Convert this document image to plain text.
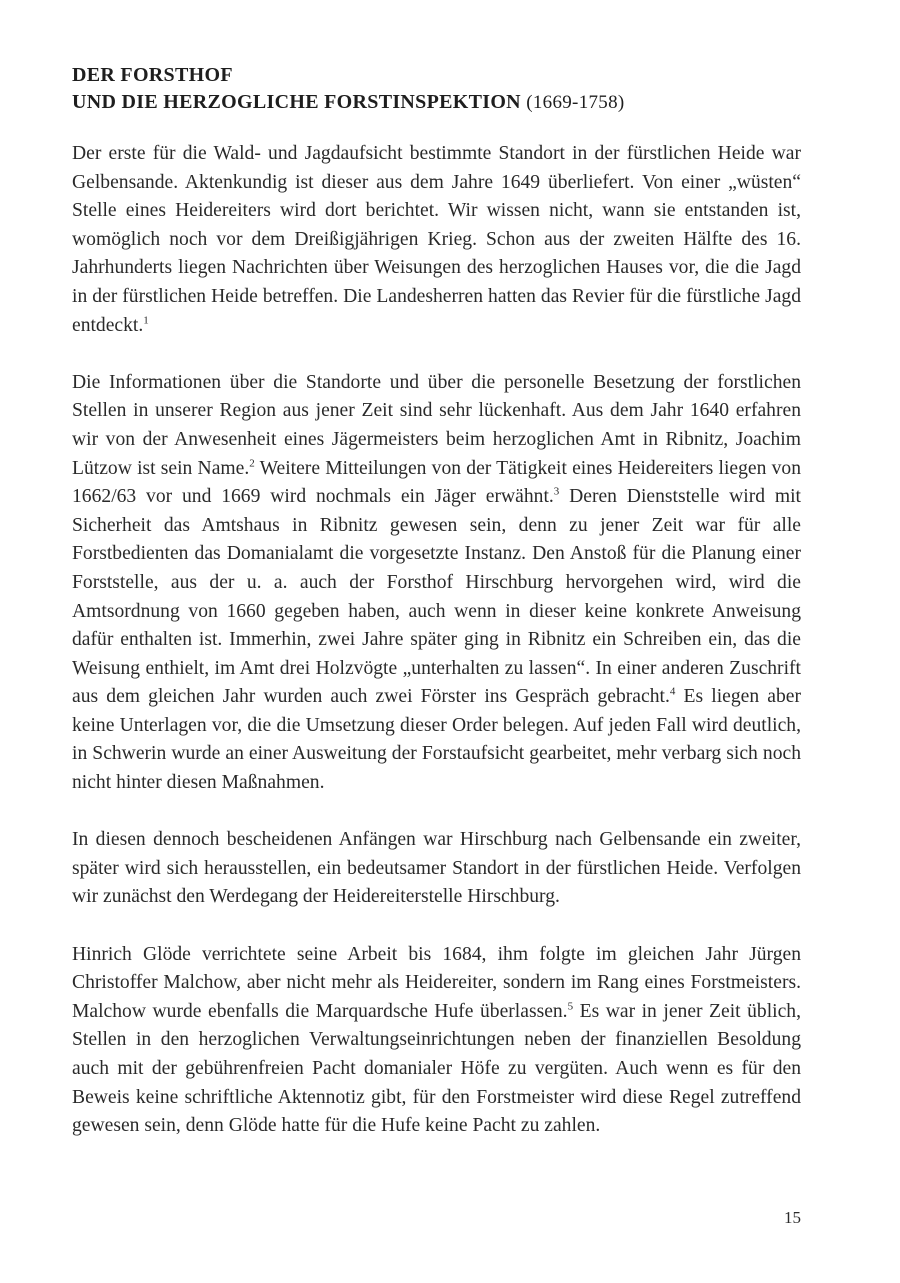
DER FORSTHOF
UND DIE HERZOGLICHE FORSTINSPEKTION (1669-1758)

Der erste für die Wald- und Jagdaufsicht bestimmte Standort in der fürstlichen Heide war Gelbensande. Aktenkundig ist dieser aus dem Jahre 1649 überliefert. Von einer „wüsten“ Stelle eines Heidereiters wird dort berichtet. Wir wissen nicht, wann sie entstanden ist, womöglich noch vor dem Dreißigjährigen Krieg. Schon aus der zweiten Hälfte des 16. Jahrhunderts liegen Nachrichten über Weisungen des herzoglichen Hauses vor, die die Jagd in der fürstlichen Heide betreffen. Die Landesherren hatten das Revier für die fürstliche Jagd entdeckt.$^1$

Die Informationen über die Standorte und über die personelle Besetzung der forstlichen Stellen in unserer Region aus jener Zeit sind sehr lückenhaft. Aus dem Jahr 1640 erfahren wir von der Anwesenheit eines Jägermeisters beim herzoglichen Amt in Ribnitz, Joachim Lützow ist sein Name.$^2$ Weitere Mitteilungen von der Tätigkeit eines Heidereiters liegen von 1662/63 vor und 1669 wird nochmals ein Jäger erwähnt.$^3$ Deren Dienststelle wird mit Sicherheit das Amtshaus in Ribnitz gewesen sein, denn zu jener Zeit war für alle Forstbedienten das Domanialamt die vorgesetzte Instanz. Den Anstoß für die Planung einer Forststelle, aus der u. a. auch der Forsthof Hirschburg hervorgehen wird, wird die Amtsordnung von 1660 gegeben haben, auch wenn in dieser keine konkrete Anweisung dafür enthalten ist. Immerhin, zwei Jahre später ging in Ribnitz ein Schreiben ein, das die Weisung enthielt, im Amt drei Holzvögte „unterhalten zu lassen“. In einer anderen Zuschrift aus dem gleichen Jahr wurden auch zwei Förster ins Gespräch gebracht.$^4$ Es liegen aber keine Unterlagen vor, die die Umsetzung dieser Order belegen. Auf jeden Fall wird deutlich, in Schwerin wurde an einer Ausweitung der Forstaufsicht gearbeitet, mehr verbarg sich noch nicht hinter diesen Maßnahmen.

In diesen dennoch bescheidenen Anfängen war Hirschburg nach Gelbensande ein zweiter, später wird sich herausstellen, ein bedeutsamer Standort in der fürstlichen Heide. Verfolgen wir zunächst den Werdegang der Heidereiterstelle Hirschburg.

Hinrich Glöde verrichtete seine Arbeit bis 1684, ihm folgte im gleichen Jahr Jürgen Christoffer Malchow, aber nicht mehr als Heidereiter, sondern im Rang eines Forstmeisters. Malchow wurde ebenfalls die Marquardsche Hufe überlassen.$^5$ Es war in jener Zeit üblich, Stellen in den herzoglichen Verwaltungseinrichtungen neben der finanziellen Besoldung auch mit der gebührenfreien Pacht domanialer Höfe zu vergüten. Auch wenn es für den Beweis keine schriftliche Aktennotiz gibt, für den Forstmeister wird diese Regel zutreffend gewesen sein, denn Glöde hatte für die Hufe keine Pacht zu zahlen.

15
